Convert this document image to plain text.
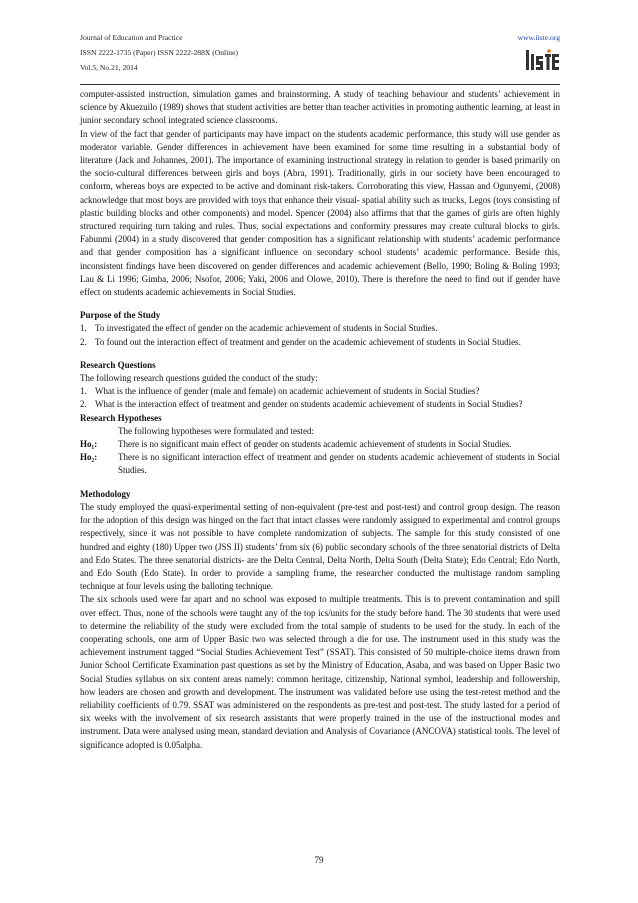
Journal of Education and Practice
ISSN 2222-1735 (Paper) ISSN 2222-288X (Online)
Vol.5, No.21, 2014
www.iiste.org

computer-assisted instruction, simulation games and brainstorming. A study of teaching behaviour and students’ achievement in science by Akuezuilo (1989) shows that student activities are better than teacher activities in promoting authentic learning, at least in junior secondary school integrated science classrooms.

In view of the fact that gender of participants may have impact on the students academic performance, this study will use gender as moderator variable. Gender differences in achievement have been examined for some time resulting in a substantial body of literature (Jack and Johannes, 2001). The importance of examining instructional strategy in relation to gender is based primarily on the socio-cultural differences between girls and boys (Abra, 1991). Traditionally, girls in our society have been encouraged to conform, whereas boys are expected to be active and dominant risk-takers. Corroborating this view, Hassan and Ogunyemi, (2008) acknowledge that most boys are provided with toys that enhance their visual- spatial ability such as trucks, Legos (toys consisting of plastic building blocks and other components) and model. Spencer (2004) also affirms that that the games of girls are often highly structured requiring turn taking and rules. Thus, social expectations and conformity pressures may create cultural blocks to girls. Fabunmi (2004) in a study discovered that gender composition has a significant relationship with students’ academic performance and that gender composition has a significant influence on secondary school students’ academic performance. Beside this, inconsistent findings have been discovered on gender differences and academic achievement (Bello, 1990; Boling & Boling 1993; Lau & Li 1996; Gimba, 2006; Nsofor, 2006; Yaki, 2006 and Olowe, 2010). There is therefore the need to find out if gender have effect on students academic achievements in Social Studies.

Purpose of the Study
1. To investigated the effect of gender on the academic achievement of students in Social Studies.
2. To found out the interaction effect of treatment and gender on the academic achievement of students in Social Studies.
Research Questions

The following research questions guided the conduct of the study:

1. What is the influence of gender (male and female) on academic achievement of students in Social Studies?
2. What is the interaction effect of treatment and gender on students academic achievement of students in Social Studies?
Research Hypotheses

The following hypotheses were formulated and tested:

Ho₁:	There is no significant main effect of gender on students academic achievement of students in Social Studies.
Ho₂:	There is no significant interaction effect of treatment and gender on students academic achievement of students in Social Studies.
Methodology

The study employed the quasi-experimental setting of non-equivalent (pre-test and post-test) and control group design. The reason for the adoption of this design was hinged on the fact that intact classes were randomly assigned to experimental and control groups respectively, since it was not possible to have complete randomization of subjects. The sample for this study consisted of one hundred and eighty (180) Upper two (JSS II) students’ from six (6) public secondary schools of the three senatorial districts of Delta and Edo States. The three senatorial districts- are the Delta Central, Delta North, Delta South (Delta State); Edo Central; Edo North, and Edo South (Edo State). In order to provide a sampling frame, the researcher conducted the multistage random sampling technique at four levels using the balloting technique.

The six schools used were far apart and no school was exposed to multiple treatments. This is to prevent contamination and spill over effect. Thus, none of the schools were taught any of the top ics/units for the study before hand. The 30 students that were used to determine the reliability of the study were excluded from the total sample of students to be used for the study. In each of the cooperating schools, one arm of Upper Basic two was selected through a die for use. The instrument used in this study was the achievement instrument tagged “Social Studies Achievement Test” (SSAT). This consisted of 50 multiple-choice items drawn from Junior School Certificate Examination past questions as set by the Ministry of Education, Asaba, and was based on Upper Basic two Social Studies syllabus on six content areas namely: common heritage, citizenship, National symbol, leadership and followership, how leaders are chosen and growth and development. The instrument was validated before use using the test-retest method and the reliability coefficients of 0.79. SSAT was administered on the respondents as pre-test and post-test. The study lasted for a period of six weeks with the involvement of six research assistants that were properly trained in the use of the instructional modes and instrument. Data were analysed using mean, standard deviation and Analysis of Covariance (ANCOVA) statistical tools. The level of significance adopted is 0.05alpha.

79
